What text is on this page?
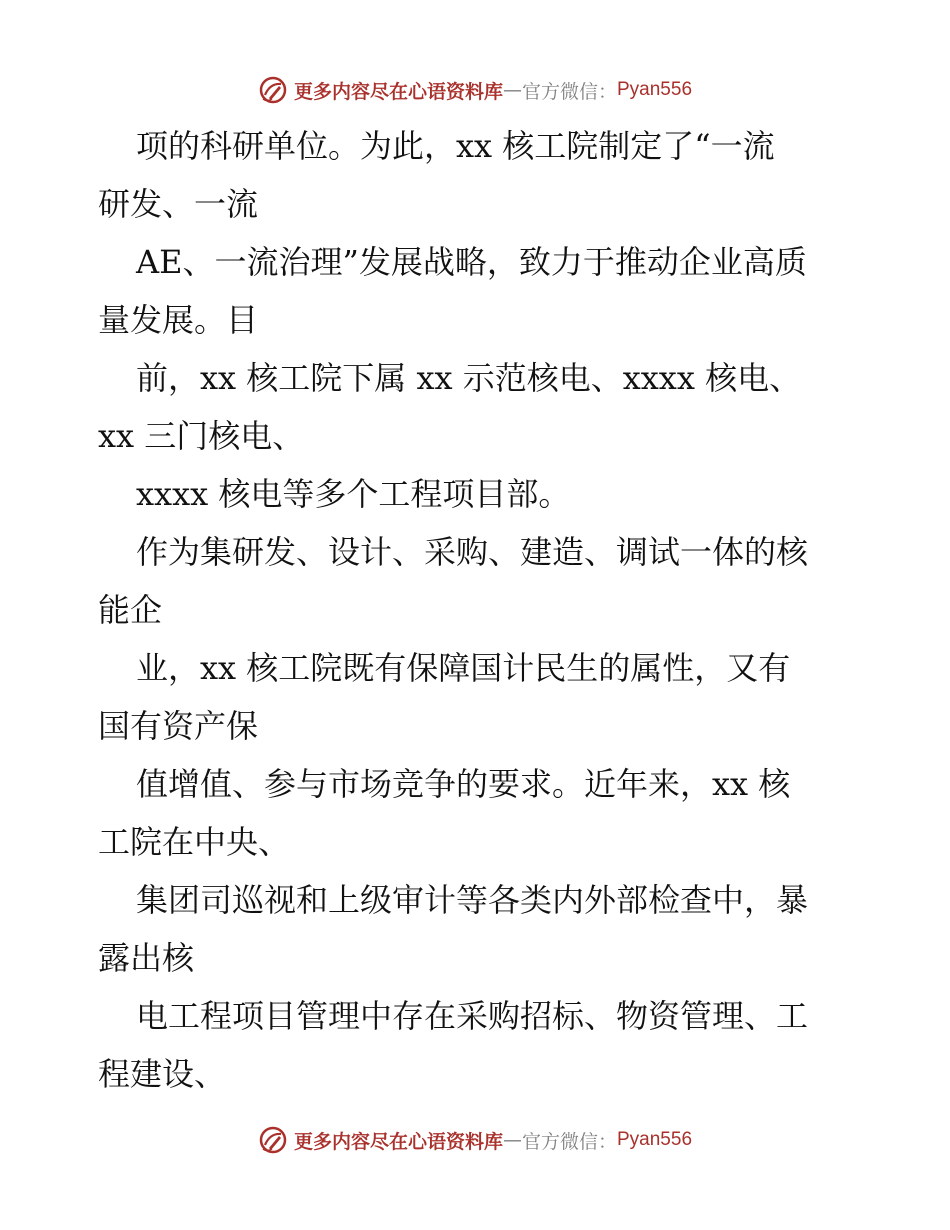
更多内容尽在心语资料库 — 官方微信： Pyan556
项的科研单位。为此，xx 核工院制定了“一流
研发、一流
AE、一流治理”发展战略，致力于推动企业高质
量发展。目
前，xx 核工院下属 xx 示范核电、xxxx 核电、
xx 三门核电、
xxxx 核电等多个工程项目部。
作为集研发、设计、采购、建造、调试一体的核
能企
业，xx 核工院既有保障国计民生的属性，又有
国有资产保
值增值、参与市场竞争的要求。近年来，xx 核
工院在中央、
集团司巡视和上级审计等各类内外部检查中，暴
露出核
电工程项目管理中存在采购招标、物资管理、工
程建设、
更多内容尽在心语资料库 — 官方微信： Pyan556
